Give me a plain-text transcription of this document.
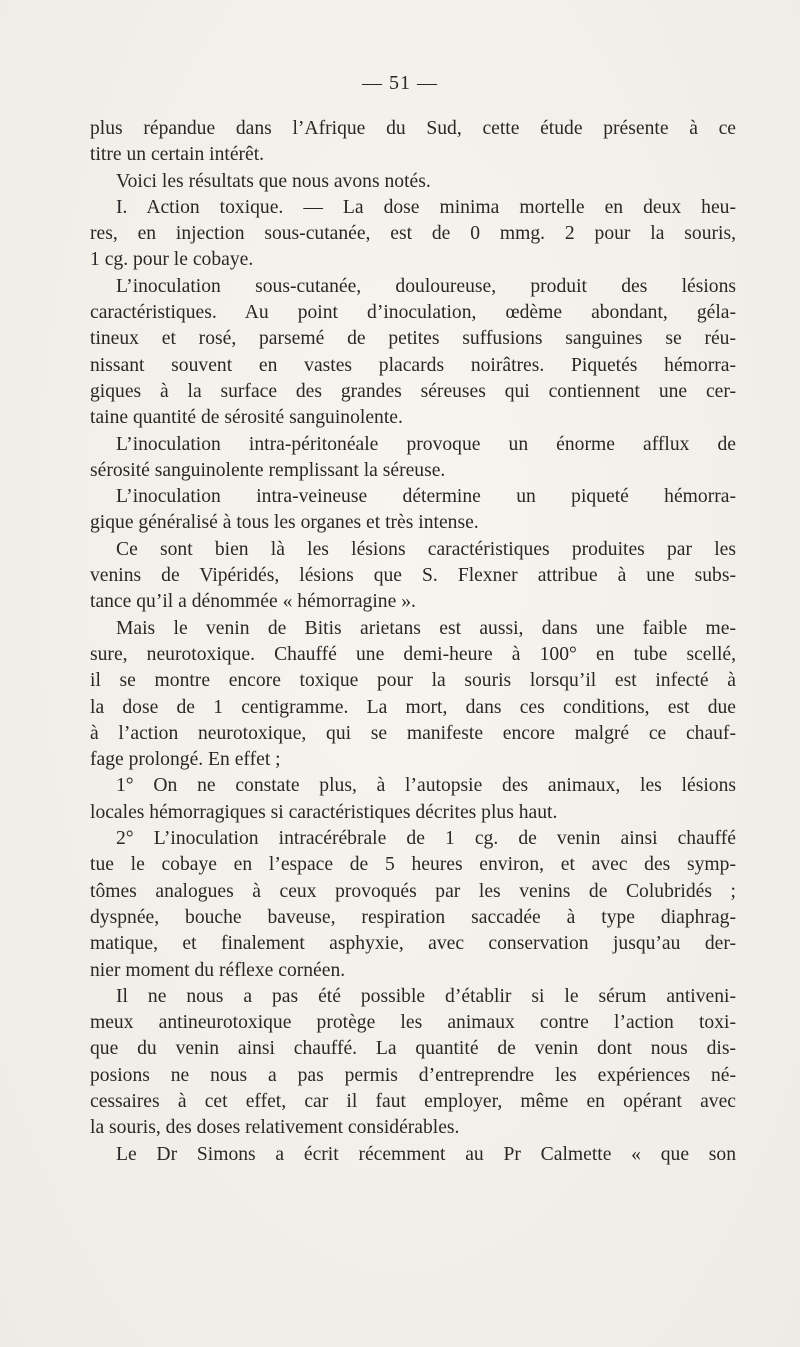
— 51 —
plus répandue dans l’Afrique du Sud, cette étude présente à ce
titre un certain intérêt.
Voici les résultats que nous avons notés.
I. Action toxique. — La dose minima mortelle en deux heu-
res, en injection sous-cutanée, est de 0 mmg. 2 pour la souris,
1 cg. pour le cobaye.
L’inoculation sous-cutanée, douloureuse, produit des lésions
caractéristiques. Au point d’inoculation, œdème abondant, géla-
tineux et rosé, parsemé de petites suffusions sanguines se réu-
nissant souvent en vastes placards noirâtres. Piquetés hémorra-
giques à la surface des grandes séreuses qui contiennent une cer-
taine quantité de sérosité sanguinolente.
L’inoculation intra-péritonéale provoque un énorme afflux de
sérosité sanguinolente remplissant la séreuse.
L’inoculation intra-veineuse détermine un piqueté hémorra-
gique généralisé à tous les organes et très intense.
Ce sont bien là les lésions caractéristiques produites par les
venins de Vipéridés, lésions que S. Flexner attribue à une subs-
tance qu’il a dénommée « hémorragine ».
Mais le venin de Bitis arietans est aussi, dans une faible me-
sure, neurotoxique. Chauffé une demi-heure à 100° en tube scellé,
il se montre encore toxique pour la souris lorsqu’il est infecté à
la dose de 1 centigramme. La mort, dans ces conditions, est due
à l’action neurotoxique, qui se manifeste encore malgré ce chauf-
fage prolongé. En effet ;
1° On ne constate plus, à l’autopsie des animaux, les lésions
locales hémorragiques si caractéristiques décrites plus haut.
2° L’inoculation intracérébrale de 1 cg. de venin ainsi chauffé
tue le cobaye en l’espace de 5 heures environ, et avec des symp-
tômes analogues à ceux provoqués par les venins de Colubridés ;
dyspnée, bouche baveuse, respiration saccadée à type diaphrag-
matique, et finalement asphyxie, avec conservation jusqu’au der-
nier moment du réflexe cornéen.
Il ne nous a pas été possible d’établir si le sérum antiveni-
meux antineurotoxique protège les animaux contre l’action toxi-
que du venin ainsi chauffé. La quantité de venin dont nous dis-
posions ne nous a pas permis d’entreprendre les expériences né-
cessaires à cet effet, car il faut employer, même en opérant avec
la souris, des doses relativement considérables.
Le Dr Simons a écrit récemment au Pr Calmette « que son
